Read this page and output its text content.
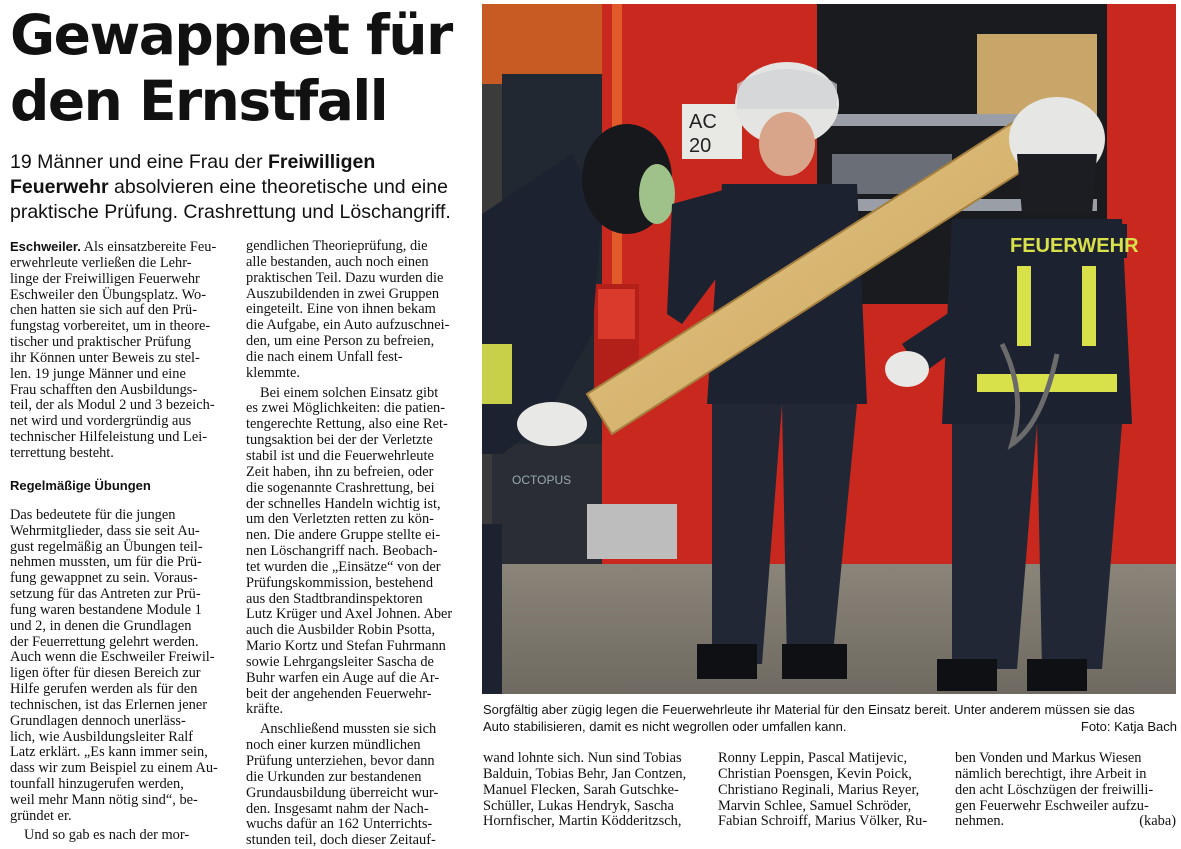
Gewappnet für
den Ernstfall
19 Männer und eine Frau der Freiwilligen
Feuerwehr absolvieren eine theoretische und eine praktische Prüfung. Crashrettung und Löschangriff.

Eschweiler. Als einsatzbereite Feu-
erwehrleute verließen die Lehr-
linge der Freiwilligen Feuerwehr
Eschweiler den Übungsplatz. Wo-
chen hatten sie sich auf den Prü-
fungstag vorbereitet, um in theore-
tischer und praktischer Prüfung
ihr Können unter Beweis zu stel-
len. 19 junge Männer und eine
Frau schafften den Ausbildungs-
teil, der als Modul 2 und 3 bezeich-
net wird und vordergründig aus
technischer Hilfeleistung und Lei-
terrettung besteht.

Regelmäßige Übungen

Das bedeutete für die jungen
Wehrmitglieder, dass sie seit Au-
gust regelmäßig an Übungen teil-
nehmen mussten, um für die Prü-
fung gewappnet zu sein. Voraus-
setzung für das Antreten zur Prü-
fung waren bestandene Module 1
und 2, in denen die Grundlagen
der Feuerrettung gelehrt werden.
Auch wenn die Eschweiler Freiwil-
ligen öfter für diesen Bereich zur
Hilfe gerufen werden als für den
technischen, ist das Erlernen jener
Grundlagen dennoch unerläss-
lich, wie Ausbildungsleiter Ralf
Latz erklärt. „Es kann immer sein,
dass wir zum Beispiel zu einem Au-
tounfall hinzugerufen werden,
weil mehr Mann nötig sind“, be-
gründet er.

Und so gab es nach der mor-

gendlichen Theorieprüfung, die
alle bestanden, auch noch einen
praktischen Teil. Dazu wurden die
Auszubildenden in zwei Gruppen
eingeteilt. Eine von ihnen bekam
die Aufgabe, ein Auto aufzuschnei-
den, um eine Person zu befreien,
die nach einem Unfall fest-
klemmte.

Bei einem solchen Einsatz gibt
es zwei Möglichkeiten: die patien-
tengerechte Rettung, also eine Ret-
tungsaktion bei der der Verletzte
stabil ist und die Feuerwehrleute
Zeit haben, ihn zu befreien, oder
die sogenannte Crashrettung, bei
der schnelles Handeln wichtig ist,
um den Verletzten retten zu kön-
nen. Die andere Gruppe stellte ei-
nen Löschangriff nach. Beobach-
tet wurden die „Einsätze“ von der
Prüfungskommission, bestehend
aus den Stadtbrandinspektoren
Lutz Krüger und Axel Johnen. Aber
auch die Ausbilder Robin Psotta,
Mario Kortz und Stefan Fuhrmann
sowie Lehrgangsleiter Sascha de
Buhr warfen ein Auge auf die Ar-
beit der angehenden Feuerwehr-
kräfte.

Anschließend mussten sie sich
noch einer kurzen mündlichen
Prüfung unterziehen, bevor dann
die Urkunden zur bestandenen
Grundausbildung überreicht wur-
den. Insgesamt nahm der Nach-
wuchs dafür an 162 Unterrichts-
stunden teil, doch dieser Zeitauf-

AC
20
OCTOPUS
FEUERWEHR
Sorgfältig aber zügig legen die Feuerwehrleute ihr Material für den Einsatz bereit. Unter anderem müssen sie das
Auto stabilisieren, damit es nicht wegrollen oder umfallen kann.	Foto: Katja Bach

wand lohnte sich. Nun sind Tobias
Balduin, Tobias Behr, Jan Contzen,
Manuel Flecken, Sarah Gutschke-
Schüller, Lukas Hendryk, Sascha
Hornfischer, Martin Ködderitzsch,

Ronny Leppin, Pascal Matijevic,
Christian Poensgen, Kevin Poick,
Christiano Reginali, Marius Reyer,
Marvin Schlee, Samuel Schröder,
Fabian Schroiff, Marius Völker, Ru-

ben Vonden und Markus Wiesen
nämlich berechtigt, ihre Arbeit in
den acht Löschzügen der freiwilli-
gen Feuerwehr Eschweiler aufzu-

nehmen.	(kaba)
